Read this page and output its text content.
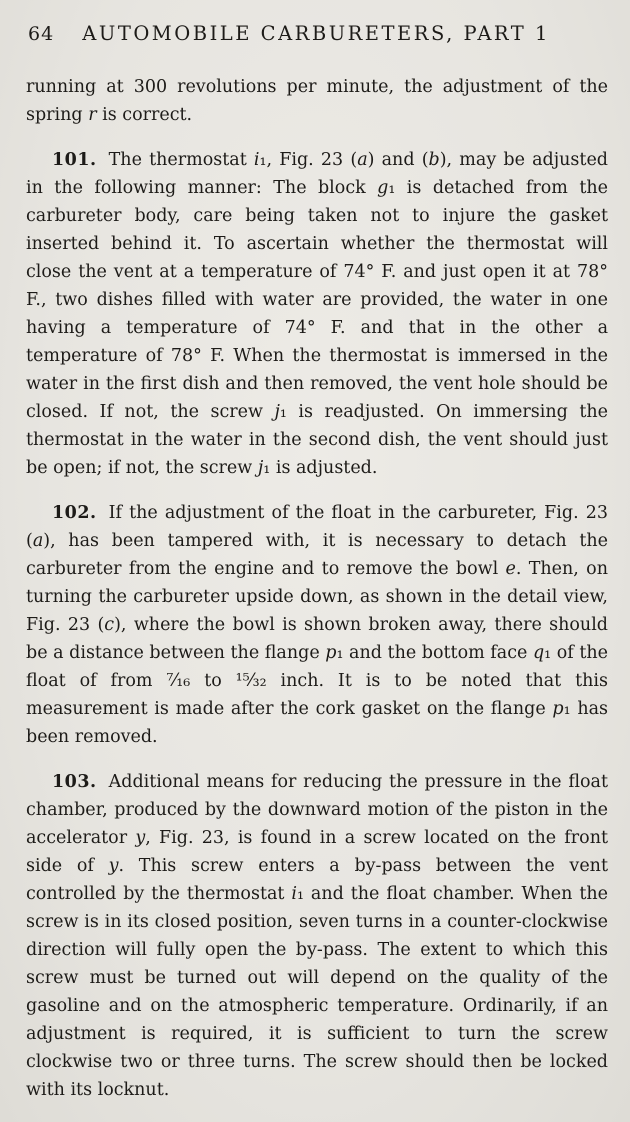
64	AUTOMOBILE CARBURETERS, PART 1

running at 300 revolutions per minute, the adjustment of the spring r is correct.

101. The thermostat i₁, Fig. 23 (a) and (b), may be adjusted in the following manner: The block g₁ is detached from the carbureter body, care being taken not to injure the gasket inserted behind it. To ascertain whether the thermostat will close the vent at a temperature of 74° F. and just open it at 78° F., two dishes filled with water are provided, the water in one having a temperature of 74° F. and that in the other a temperature of 78° F. When the thermostat is immersed in the water in the first dish and then removed, the vent hole should be closed. If not, the screw j₁ is readjusted. On immersing the thermostat in the water in the second dish, the vent should just be open; if not, the screw j₁ is adjusted.

102. If the adjustment of the float in the carbureter, Fig. 23 (a), has been tampered with, it is necessary to detach the carbureter from the engine and to remove the bowl e. Then, on turning the carbureter upside down, as shown in the detail view, Fig. 23 (c), where the bowl is shown broken away, there should be a distance between the flange p₁ and the bottom face q₁ of the float of from ⁷⁄₁₆ to ¹⁵⁄₃₂ inch. It is to be noted that this measurement is made after the cork gasket on the flange p₁ has been removed.

103. Additional means for reducing the pressure in the float chamber, produced by the downward motion of the piston in the accelerator y, Fig. 23, is found in a screw located on the front side of y. This screw enters a by-pass between the vent controlled by the thermostat i₁ and the float chamber. When the screw is in its closed position, seven turns in a counter-clockwise direction will fully open the by-pass. The extent to which this screw must be turned out will depend on the quality of the gasoline and on the atmospheric temperature. Ordinarily, if an adjustment is required, it is sufficient to turn the screw clockwise two or three turns. The screw should then be locked with its locknut.
